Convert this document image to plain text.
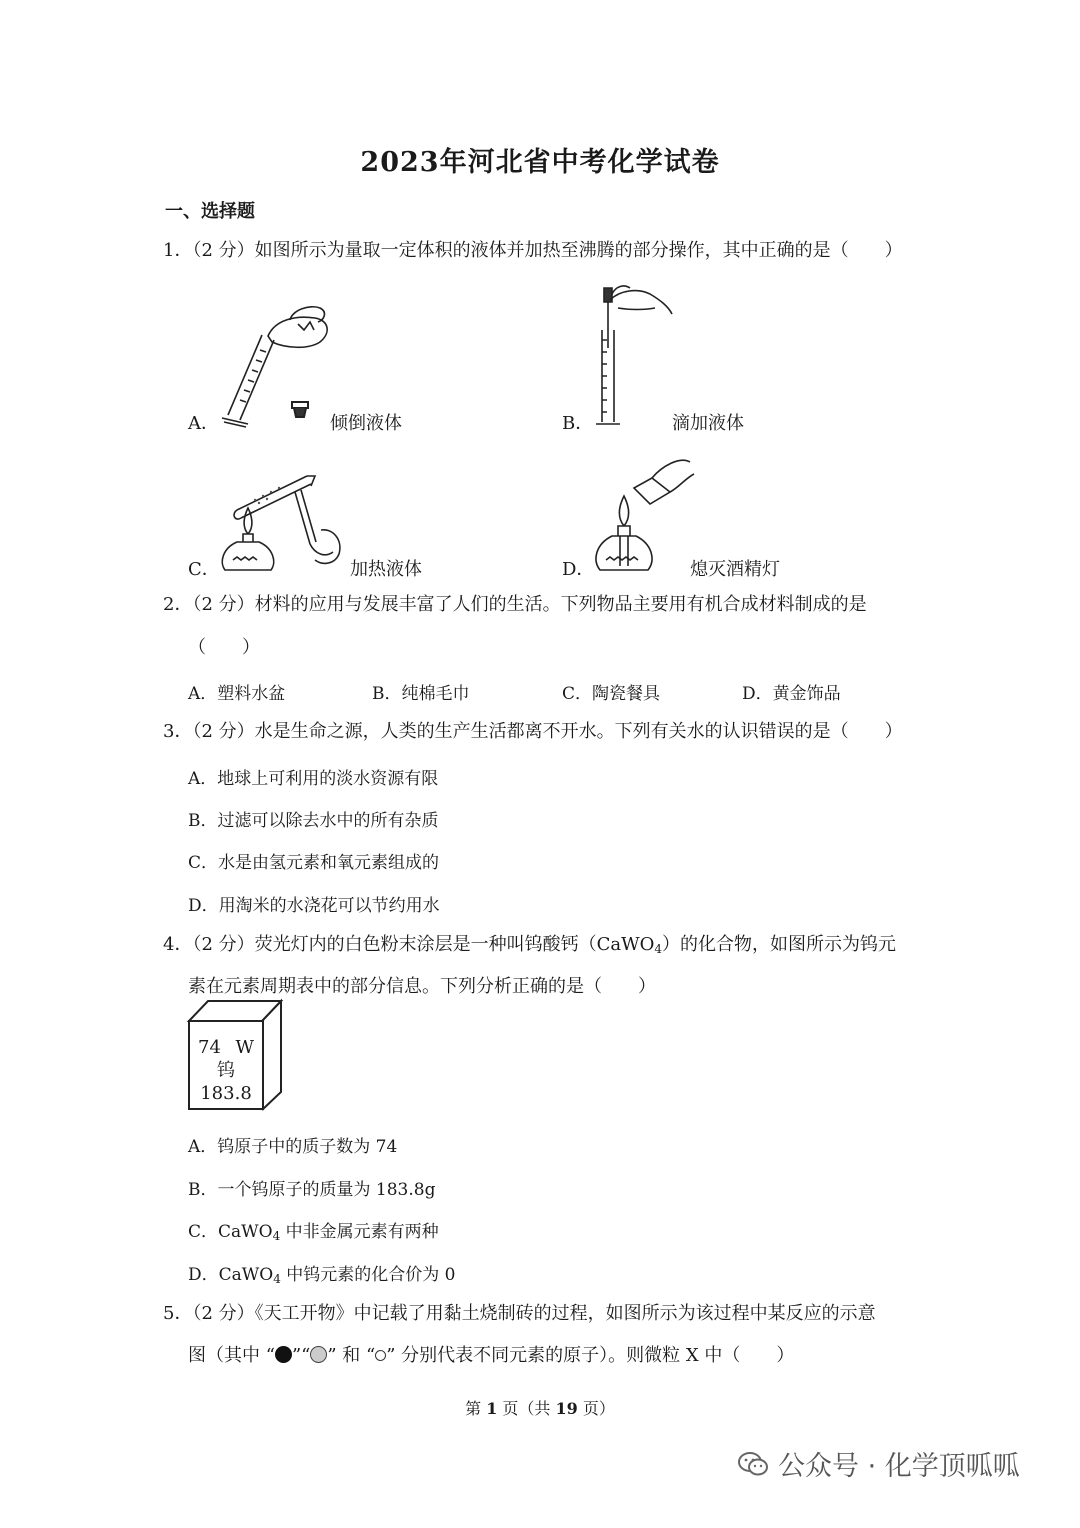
2023年河北省中考化学试卷
一、选择题
1．（2 分）如图所示为量取一定体积的液体并加热至沸腾的部分操作，其中正确的是（　　）
A．	倾倒液体	B．	滴加液体
C．	加热液体	D．	熄灭酒精灯
2．（2 分）材料的应用与发展丰富了人们的生活。下列物品主要用有机合成材料制成的是
（　　）
A．塑料水盆	B．纯棉毛巾	C．陶瓷餐具	D．黄金饰品
3．（2 分）水是生命之源，人类的生产生活都离不开水。下列有关水的认识错误的是（　　）
A．地球上可利用的淡水资源有限
B．过滤可以除去水中的所有杂质
C．水是由氢元素和氧元素组成的
D．用淘米的水浇花可以节约用水
4．（2 分）荧光灯内的白色粉末涂层是一种叫钨酸钙（CaWO$_4$）的化合物，如图所示为钨元
素在元素周期表中的部分信息。下列分析正确的是（　　）
74 W
钨
183.8
A．钨原子中的质子数为 74
B．一个钨原子的质量为 183.8g
C．CaWO$_4$ 中非金属元素有两种
D．CaWO$_4$ 中钨元素的化合价为 0
5．（2 分）《天工开物》中记载了用黏土烧制砖的过程，如图所示为该过程中某反应的示意
图（其中 “ ”“ ” 和 “ ” 分别代表不同元素的原子）。则微粒 X 中（　　）
第 1 页（共 19 页）
公众号 · 化学顶呱呱
